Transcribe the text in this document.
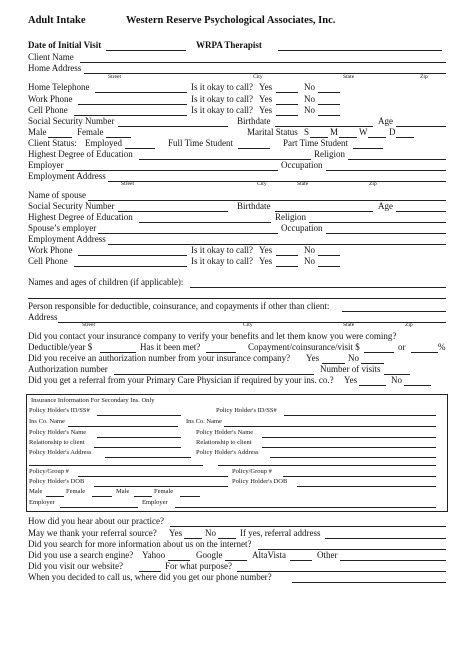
Adult Intake	Western Reserve Psychological Associates, Inc.
Date of Initial Visit	WRPA Therapist
Client Name
Home Address
Street	City	State	Zip
Home Telephone	Is it okay to call? Yes	No
Work Phone	Is it okay to call? Yes	No
Cell Phone	Is it okay to call? Yes	No
Social Security Number	Birthdate	Age
Male	Female	Marital Status S M W D
Client Status: Employed	Full Time Student	Part Time Student
Highest Degree of Education	Religion
Employer	Occupation
Employment Address
Street	City	State	Zip
Name of spouse
Social Security Number	Birthdate	Age
Highest Degree of Education	Religion
Spouse’s employer	Occupation
Employment Address
Work Phone	Is it okay to call? Yes	No
Cell Phone	Is it okay to call? Yes	No
Names and ages of children (if applicable):
Person responsible for deductible, coinsurance, and copayments if other than client:
Address
Street	City	State	Zip
Did you contact your insurance company to verify your benefits and let them know you were coming?
Deductible/year $	Has it been met?	Copayment/coinsurance/visit $	or	%
Did you receive an authorization number from your insurance company? Yes	No
Authorization number	Number of visits
Did you get a referral from your Primary Care Physician if required by your ins. co.? Yes	No
Insurance Information For Secondary Ins. Only
Policy Holder's ID/SS#	Policy Holder's ID/SS#
Ins Co. Name	Ins Co. Name
Policy Holder's Name	Policy Holder's Name
Relationship to client	Relationship to client
Policy Holder's Address	Policy Holder's Address
Policy/Group #	Policy/Group #
Policy Holder's DOB	Policy Holder's DOB
Male	Female	Male	Female
Employer	Employer
How did you hear about our practice?
May we thank your referral source? Yes	No	If yes, referral address
Did you search for more information about us on the internet?
Did you use a search engine? Yahoo	Google	AltaVista	Other
Did you visit our website?	For what purpose?
When you decided to call us, where did you get our phone number?
